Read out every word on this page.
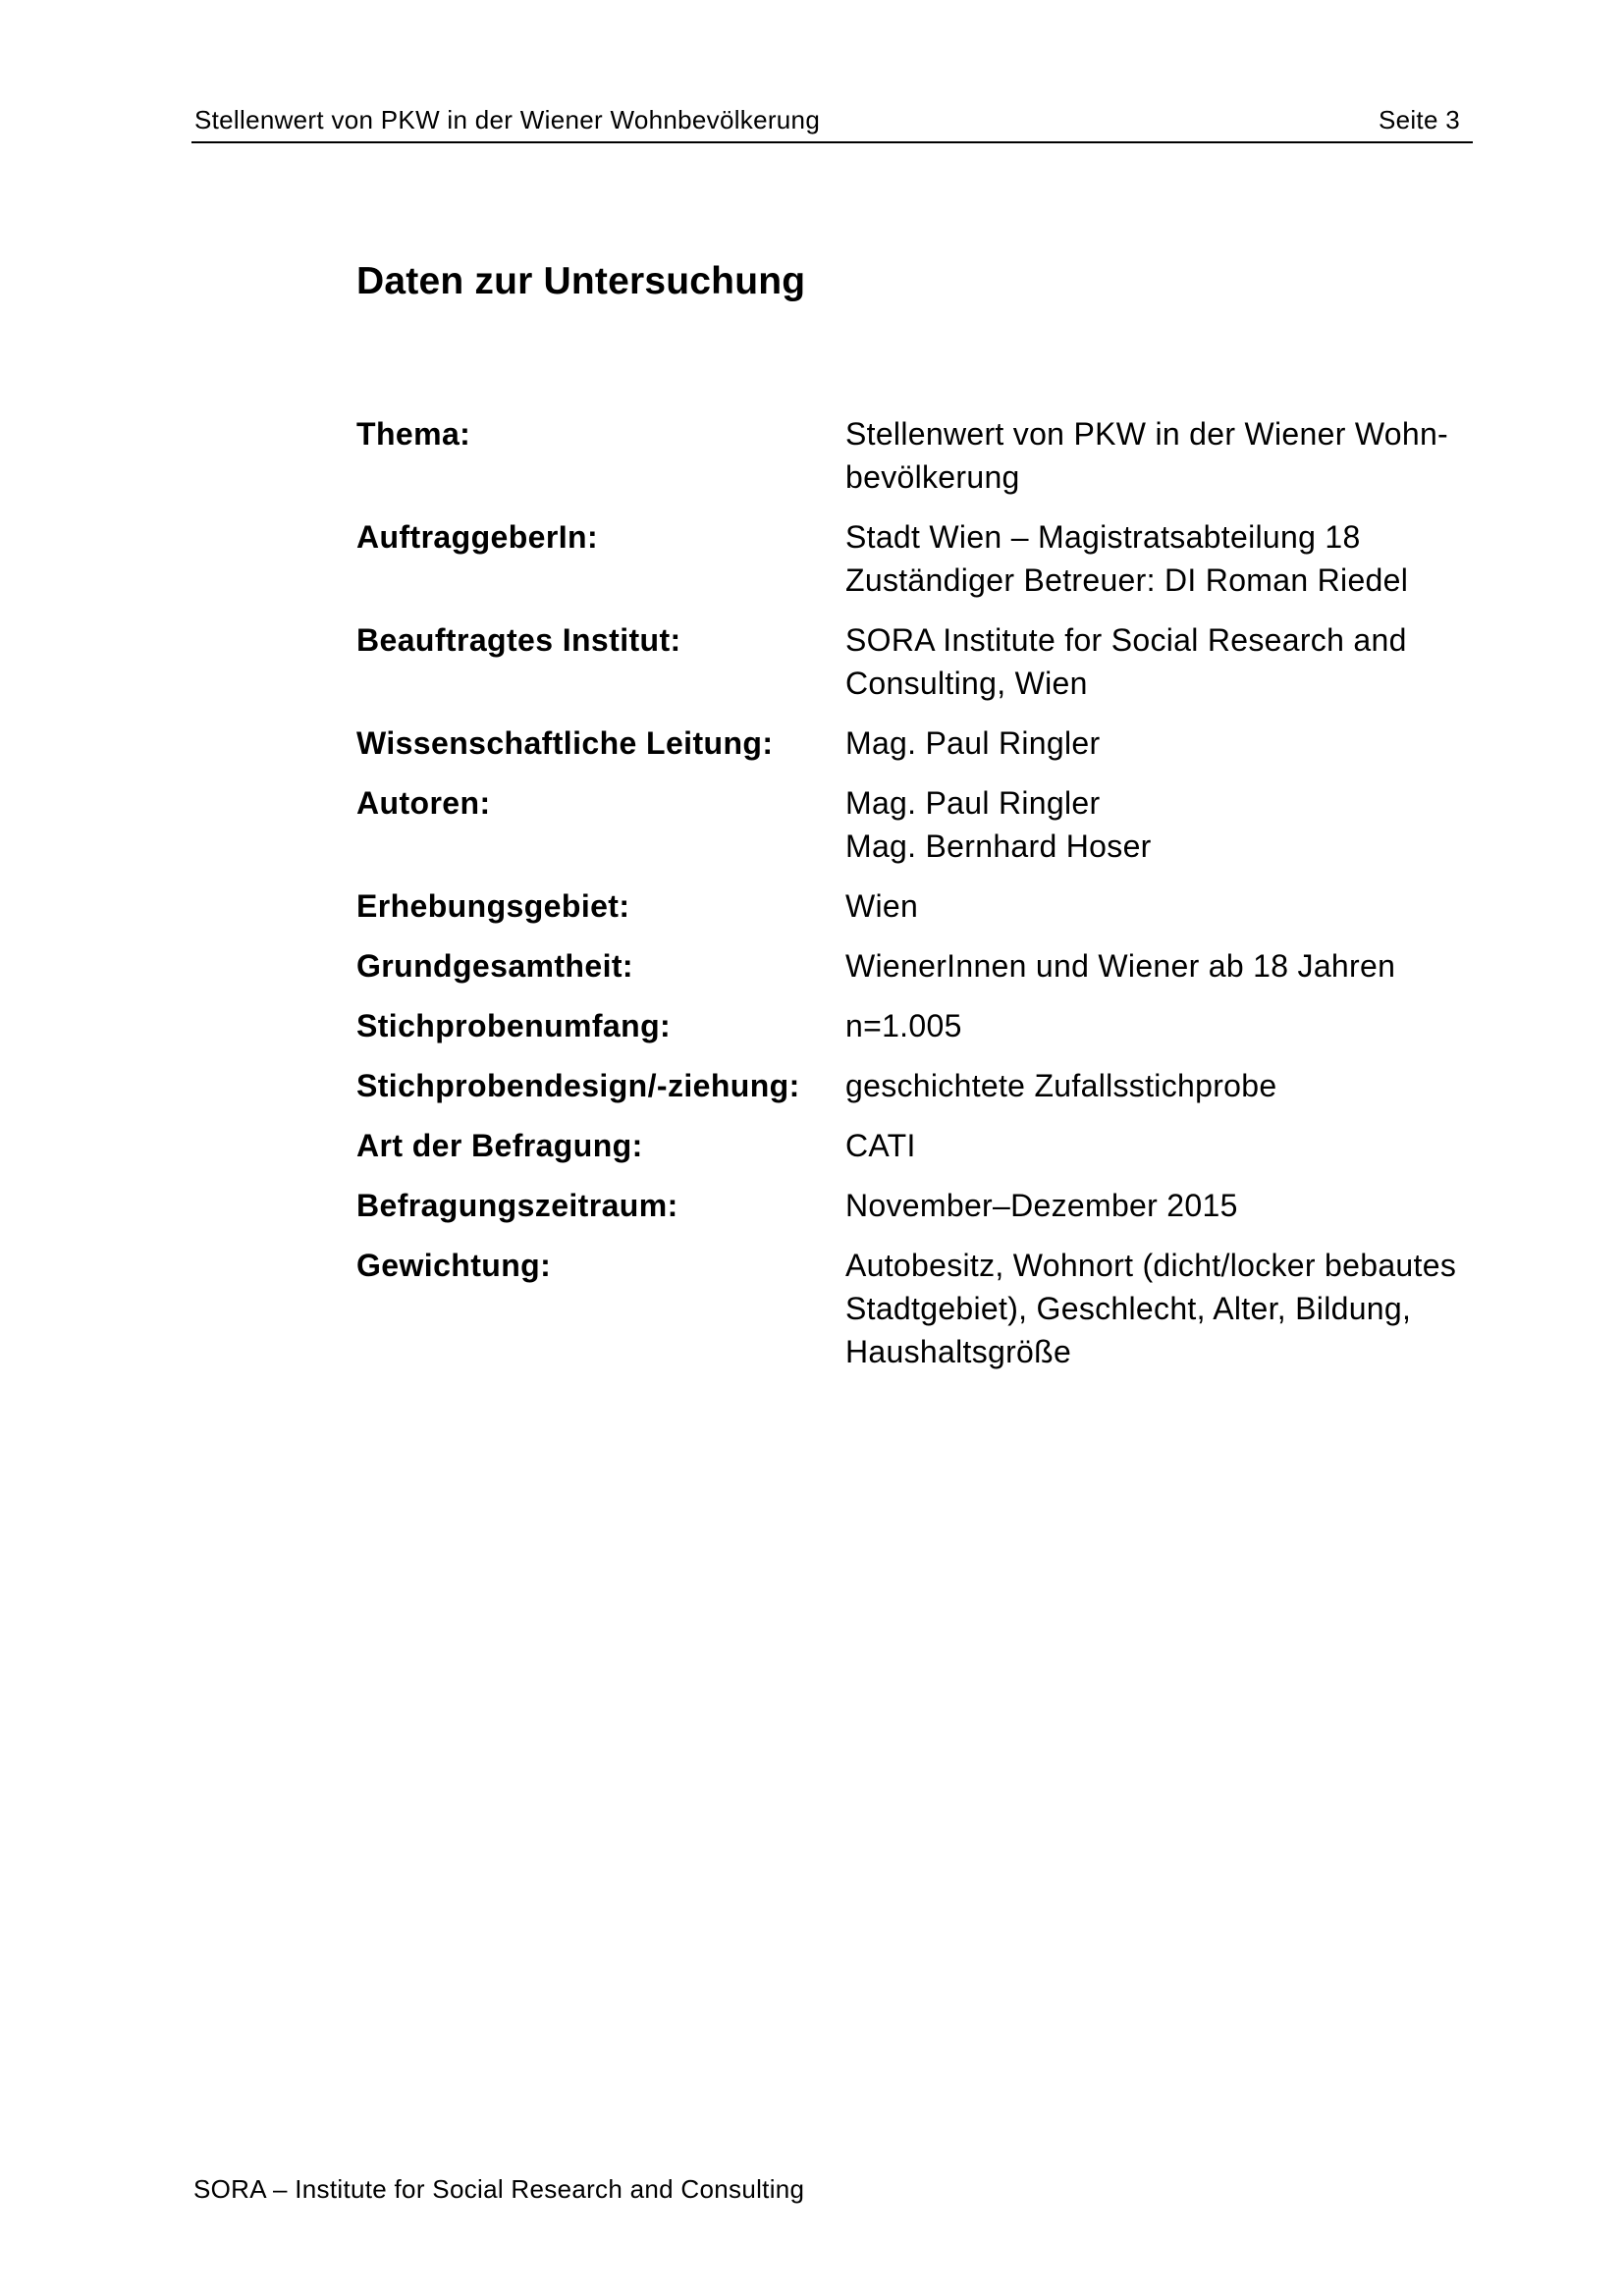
Stellenwert von PKW in der Wiener Wohnbevölkerung	Seite 3
Daten zur Untersuchung
Thema:	Stellenwert von PKW in der Wiener Wohn-
bevölkerung
AuftraggeberIn:	Stadt Wien – Magistratsabteilung 18
Zuständiger Betreuer: DI Roman Riedel
Beauftragtes Institut:	SORA Institute for Social Research and
Consulting, Wien
Wissenschaftliche Leitung:	Mag. Paul Ringler
Autoren:	Mag. Paul Ringler
Mag. Bernhard Hoser
Erhebungsgebiet:	Wien
Grundgesamtheit:	WienerInnen und Wiener ab 18 Jahren
Stichprobenumfang:	n=1.005
Stichprobendesign/-ziehung:	geschichtete Zufallsstichprobe
Art der Befragung:	CATI
Befragungszeitraum:	November–Dezember 2015
Gewichtung:	Autobesitz, Wohnort (dicht/locker bebautes
Stadtgebiet), Geschlecht, Alter, Bildung,
Haushaltsgröße
SORA – Institute for Social Research and Consulting
